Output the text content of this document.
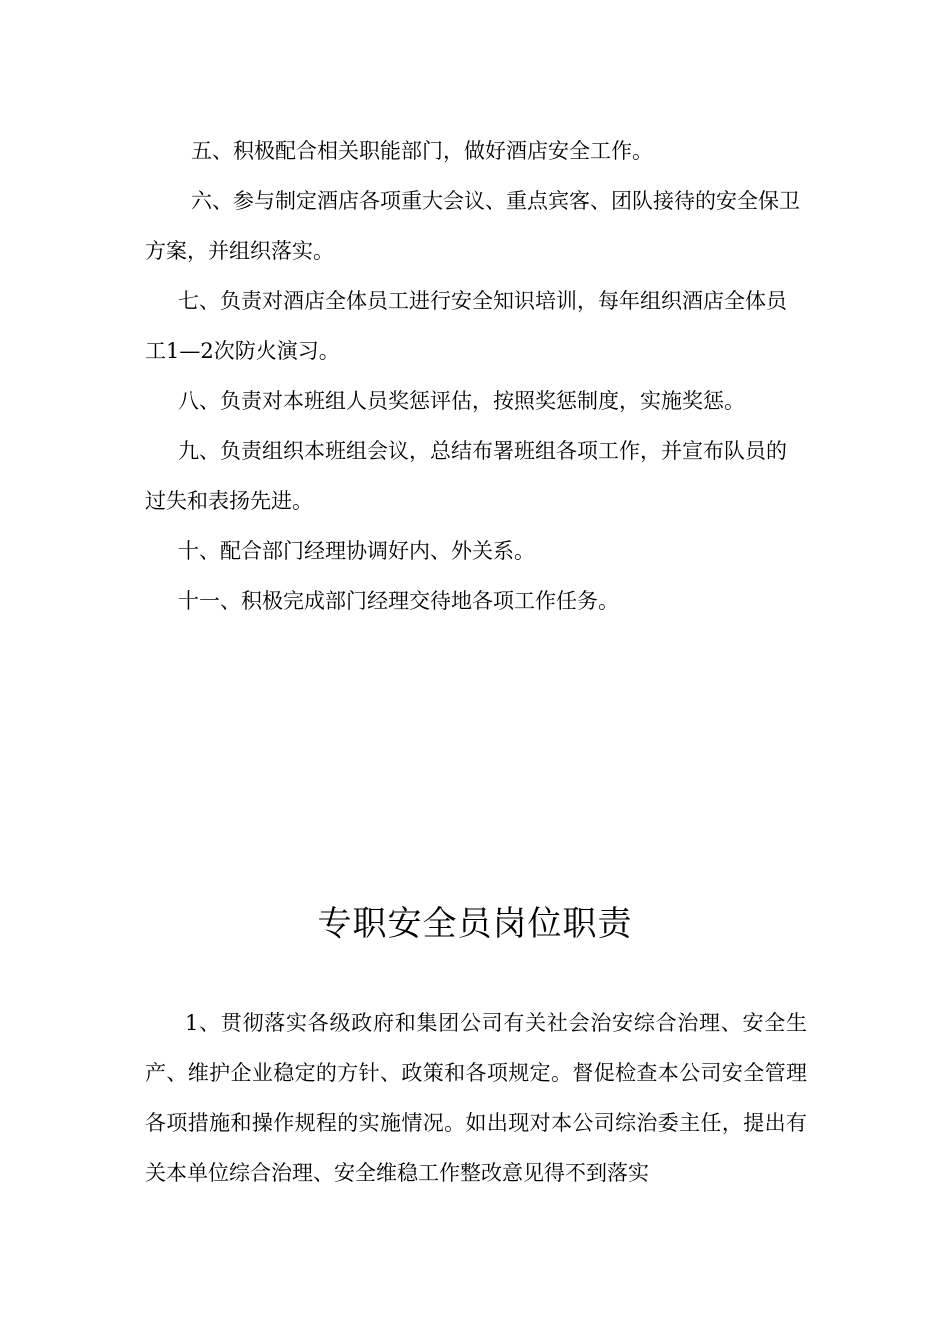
五、积极配合相关职能部门，做好酒店安全工作。

六、参与制定酒店各项重大会议、重点宾客、团队接待的安全保卫方案，并组织落实。

七、负责对酒店全体员工进行安全知识培训，每年组织酒店全体员工1—2次防火演习。

八、负责对本班组人员奖惩评估，按照奖惩制度，实施奖惩。

九、负责组织本班组会议，总结布署班组各项工作，并宣布队员的过失和表扬先进。

十、配合部门经理协调好内、外关系。

十一、积极完成部门经理交待地各项工作任务。

专职安全员岗位职责

1、贯彻落实各级政府和集团公司有关社会治安综合治理、安全生产、维护企业稳定的方针、政策和各项规定。督促检查本公司安全管理各项措施和操作规程的实施情况。如出现对本公司综治委主任，提出有关本单位综合治理、安全维稳工作整改意见得不到落实
